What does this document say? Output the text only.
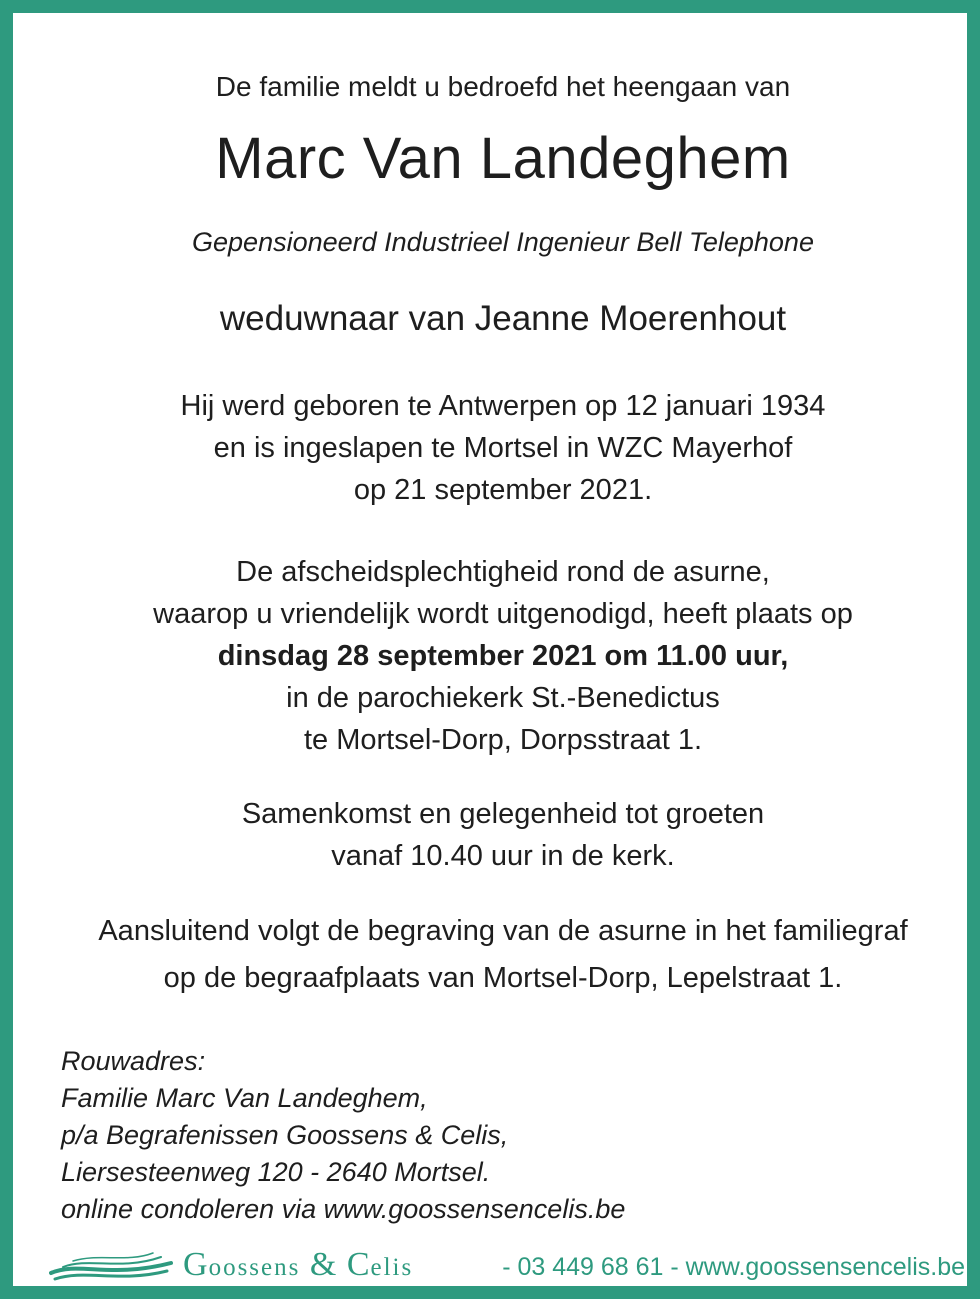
De familie meldt u bedroefd het heengaan van
Marc Van Landeghem
Gepensioneerd Industrieel Ingenieur Bell Telephone
weduwnaar van Jeanne Moerenhout
Hij werd geboren te Antwerpen op 12 januari 1934
en is ingeslapen te Mortsel in WZC Mayerhof
op 21 september 2021.
De afscheidsplechtigheid rond de asurne,
waarop u vriendelijk wordt uitgenodigd, heeft plaats op
dinsdag 28 september 2021 om 11.00 uur,
in de parochiekerk St.-Benedictus
te Mortsel-Dorp, Dorpsstraat 1.
Samenkomst en gelegenheid tot groeten
vanaf 10.40 uur in de kerk.
Aansluitend volgt de begraving van de asurne in het familiegraf
op de begraafplaats van Mortsel-Dorp, Lepelstraat 1.
Rouwadres:
Familie Marc Van Landeghem,
p/a Begrafenissen Goossens & Celis,
Liersesteenweg 120 - 2640 Mortsel.
online condoleren via www.goossensencelis.be
Goossens & Celis	- 03 449 68 61 - www.goossensencelis.be
